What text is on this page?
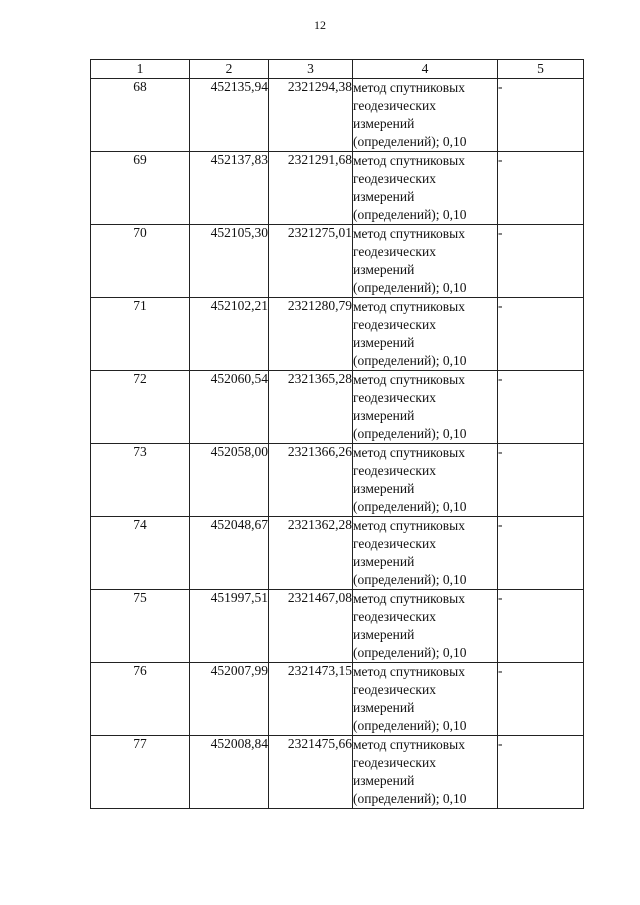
12
1	2	3	4	5
68	452135,94	2321294,38	метод спутниковых
геодезических
измерений
(определений); 0,10	-
69	452137,83	2321291,68	метод спутниковых
геодезических
измерений
(определений); 0,10	-
70	452105,30	2321275,01	метод спутниковых
геодезических
измерений
(определений); 0,10	-
71	452102,21	2321280,79	метод спутниковых
геодезических
измерений
(определений); 0,10	-
72	452060,54	2321365,28	метод спутниковых
геодезических
измерений
(определений); 0,10	-
73	452058,00	2321366,26	метод спутниковых
геодезических
измерений
(определений); 0,10	-
74	452048,67	2321362,28	метод спутниковых
геодезических
измерений
(определений); 0,10	-
75	451997,51	2321467,08	метод спутниковых
геодезических
измерений
(определений); 0,10	-
76	452007,99	2321473,15	метод спутниковых
геодезических
измерений
(определений); 0,10	-
77	452008,84	2321475,66	метод спутниковых
геодезических
измерений
(определений); 0,10	-
